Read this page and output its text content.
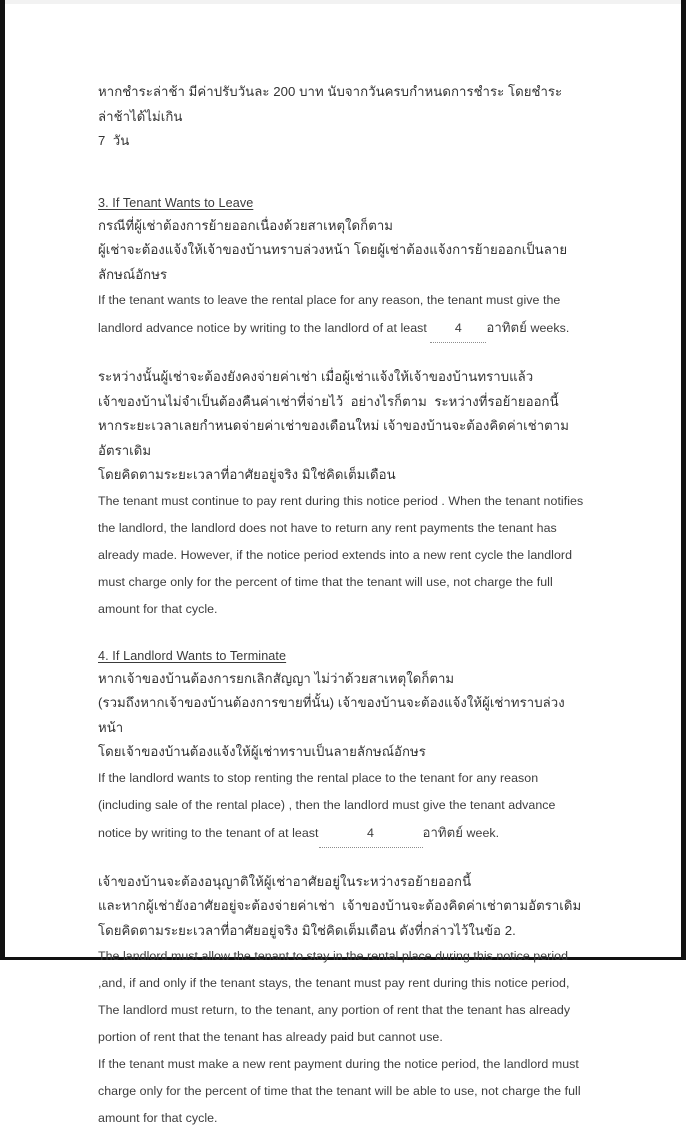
หากชำระล่าช้า มีค่าปรับวันละ 200 บาท นับจากวันครบกำหนดการชำระ โดยชำระล่าช้าได้ไม่เกิน
7  วัน
3. If Tenant Wants to Leave
กรณีที่ผู้เช่าต้องการย้ายออกเนื่องด้วยสาเหตุใดก็ตาม
ผู้เช่าจะต้องแจ้งให้เจ้าของบ้านทราบล่วงหน้า โดยผู้เช่าต้องแจ้งการย้ายออกเป็นลายลักษณ์อักษร
If the tenant wants to leave the rental place for any reason, the tenant must give the
landlord advance notice by writing to the landlord of at least 4 อาทิตย์ weeks.
ระหว่างนั้นผู้เช่าจะต้องยังคงจ่ายค่าเช่า เมื่อผู้เช่าแจ้งให้เจ้าของบ้านทราบแล้ว
เจ้าของบ้านไม่จำเป็นต้องคืนค่าเช่าที่จ่ายไว้  อย่างไรก็ตาม  ระหว่างที่รอย้ายออกนี้
หากระยะเวลาเลยกำหนดจ่ายค่าเช่าของเดือนใหม่ เจ้าของบ้านจะต้องคิดค่าเช่าตามอัตราเดิม
โดยคิดตามระยะเวลาที่อาศัยอยู่จริง มิใช่คิดเต็มเดือน
The tenant must continue to pay rent during this notice period . When the tenant notifies
the landlord, the landlord does not have to return any rent payments the tenant has
already made. However, if the notice period extends into a new rent cycle the landlord
must charge only for the percent of time that the tenant will use, not charge the full
amount for that cycle.
4. If Landlord Wants to Terminate
หากเจ้าของบ้านต้องการยกเลิกสัญญา ไม่ว่าด้วยสาเหตุใดก็ตาม
(รวมถึงหากเจ้าของบ้านต้องการขายที่นั้น) เจ้าของบ้านจะต้องแจ้งให้ผู้เช่าทราบล่วงหน้า
โดยเจ้าของบ้านต้องแจ้งให้ผู้เช่าทราบเป็นลายลักษณ์อักษร
If the landlord wants to stop renting the rental place to the tenant for any reason
(including sale of the rental place) , then the landlord must give the tenant advance
notice by writing to the tenant of at least	4	อาทิตย์ week.
เจ้าของบ้านจะต้องอนุญาติให้ผู้เช่าอาศัยอยู่ในระหว่างรอย้ายออกนี้
และหากผู้เช่ายังอาศัยอยู่จะต้องจ่ายค่าเช่า  เจ้าของบ้านจะต้องคิดค่าเช่าตามอัตราเดิม
โดยคิดตามระยะเวลาที่อาศัยอยู่จริง มิใช่คิดเต็มเดือน ดังที่กล่าวไว้ในข้อ 2.
The landlord must allow the tenant to stay in the rental place during this notice period
,and, if and only if the tenant stays, the tenant must pay rent during this notice period,
The landlord must return, to the tenant, any portion of rent that the tenant has already
portion of rent that the tenant has already paid but cannot use.
If the tenant must make a new rent payment during the notice period, the landlord must
charge only for the percent of time that the tenant will be able to use, not charge the full
amount for that cycle.
